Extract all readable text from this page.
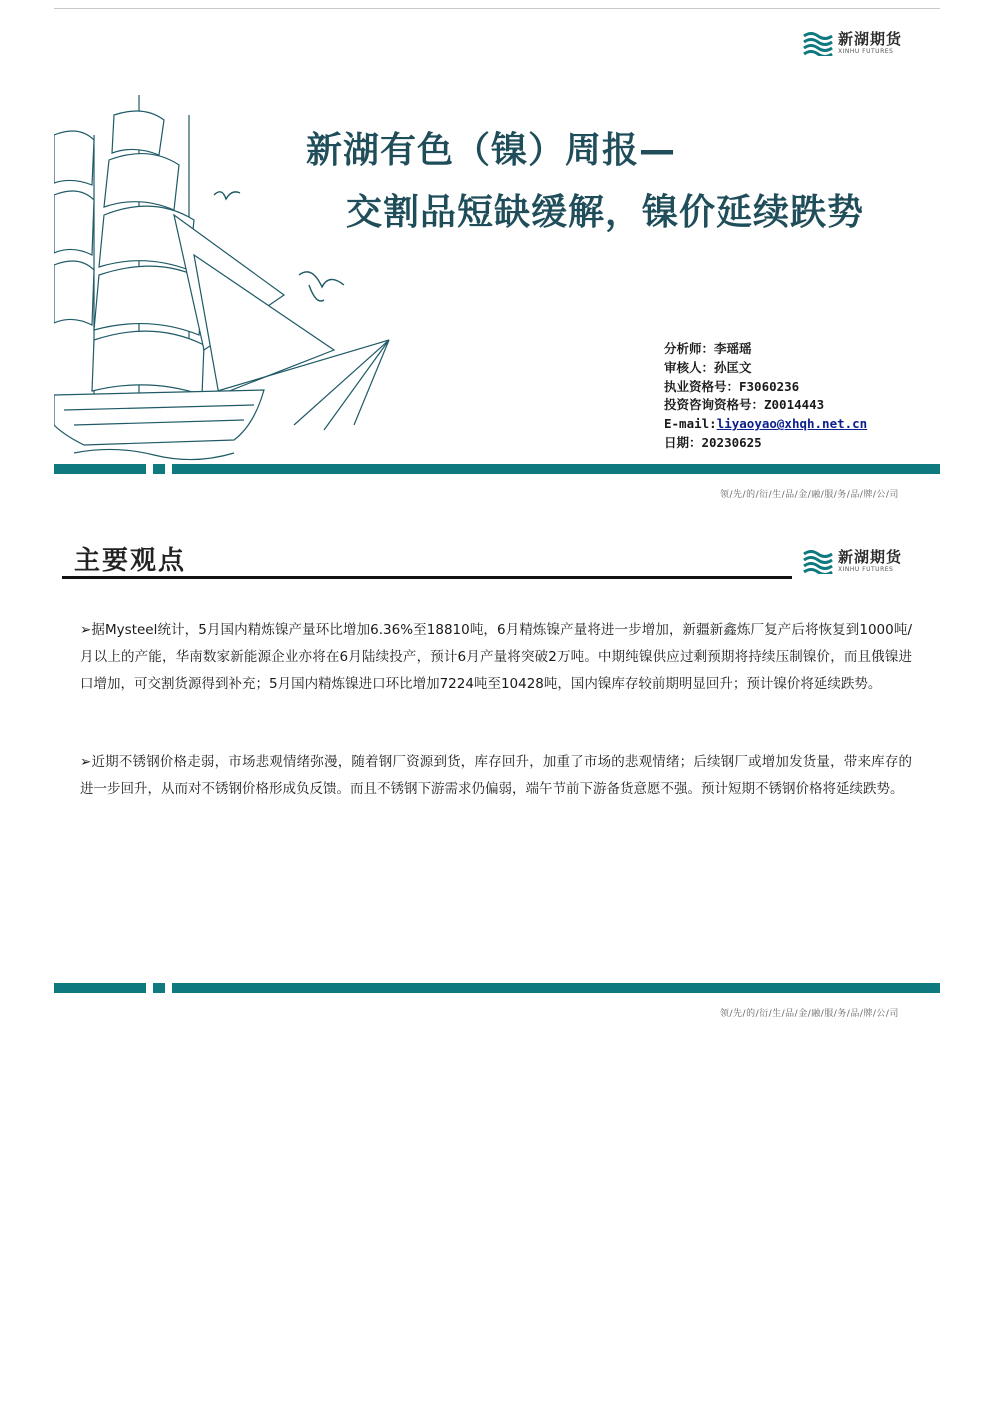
新湖期货
XINHU FUTURES
新湖有色（镍）周报—
交割品短缺缓解，镍价延续跌势
分析师：李瑶瑶
审核人：孙匡文
执业资格号：F3060236
投资咨询资格号：Z0014443
E-mail:liyaoyao@xhqh.net.cn
日期：20230625
领/先/的/衍/生/品/金/融/服/务/品/牌/公/司
主要观点	新湖期货
XINHU FUTURES
➢据Mysteel统计，5月国内精炼镍产量环比增加6.36%至18810吨，6月精炼镍产量将进一步增加，新疆新鑫炼厂复产后将恢复到1000吨/月以上的产能，华南数家新能源企业亦将在6月陆续投产，预计6月产量将突破2万吨。中期纯镍供应过剩预期将持续压制镍价，而且俄镍进口增加，可交割货源得到补充；5月国内精炼镍进口环比增加7224吨至10428吨，国内镍库存较前期明显回升；预计镍价将延续跌势。
➢近期不锈钢价格走弱，市场悲观情绪弥漫，随着钢厂资源到货，库存回升，加重了市场的悲观情绪；后续钢厂或增加发货量，带来库存的进一步回升，从而对不锈钢价格形成负反馈。而且不锈钢下游需求仍偏弱，端午节前下游备货意愿不强。预计短期不锈钢价格将延续跌势。
领/先/的/衍/生/品/金/融/服/务/品/牌/公/司
